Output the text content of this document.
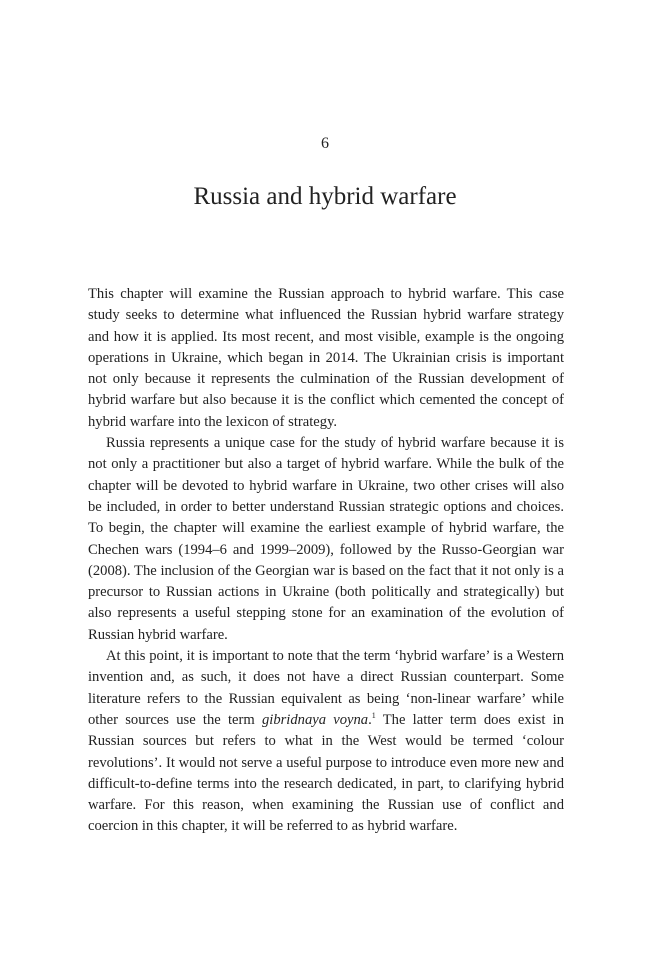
6
Russia and hybrid warfare

This chapter will examine the Russian approach to hybrid warfare. This case study seeks to determine what influenced the Russian hybrid warfare strategy and how it is applied. Its most recent, and most visible, example is the ongoing operations in Ukraine, which began in 2014. The Ukrainian crisis is important not only because it represents the culmination of the Russian development of hybrid warfare but also because it is the conflict which cemented the concept of hybrid warfare into the lexicon of strategy.

Russia represents a unique case for the study of hybrid warfare because it is not only a practitioner but also a target of hybrid warfare. While the bulk of the chapter will be devoted to hybrid warfare in Ukraine, two other crises will also be included, in order to better understand Russian strategic options and choices. To begin, the chapter will examine the earliest example of hybrid warfare, the Chechen wars (1994–6 and 1999–2009), followed by the Russo-Georgian war (2008). The inclusion of the Georgian war is based on the fact that it not only is a precursor to Russian actions in Ukraine (both politically and strategically) but also represents a useful stepping stone for an examination of the evolution of Russian hybrid warfare.

At this point, it is important to note that the term ‘hybrid warfare’ is a Western invention and, as such, it does not have a direct Russian counterpart. Some literature refers to the Russian equivalent as being ‘non-linear warfare’ while other sources use the term gibridnaya voyna.$^1$ The latter term does exist in Russian sources but refers to what in the West would be termed ‘colour revolutions’. It would not serve a useful purpose to introduce even more new and difficult-to-define terms into the research dedicated, in part, to clarifying hybrid warfare. For this reason, when examining the Russian use of conflict and coercion in this chapter, it will be referred to as hybrid warfare.
